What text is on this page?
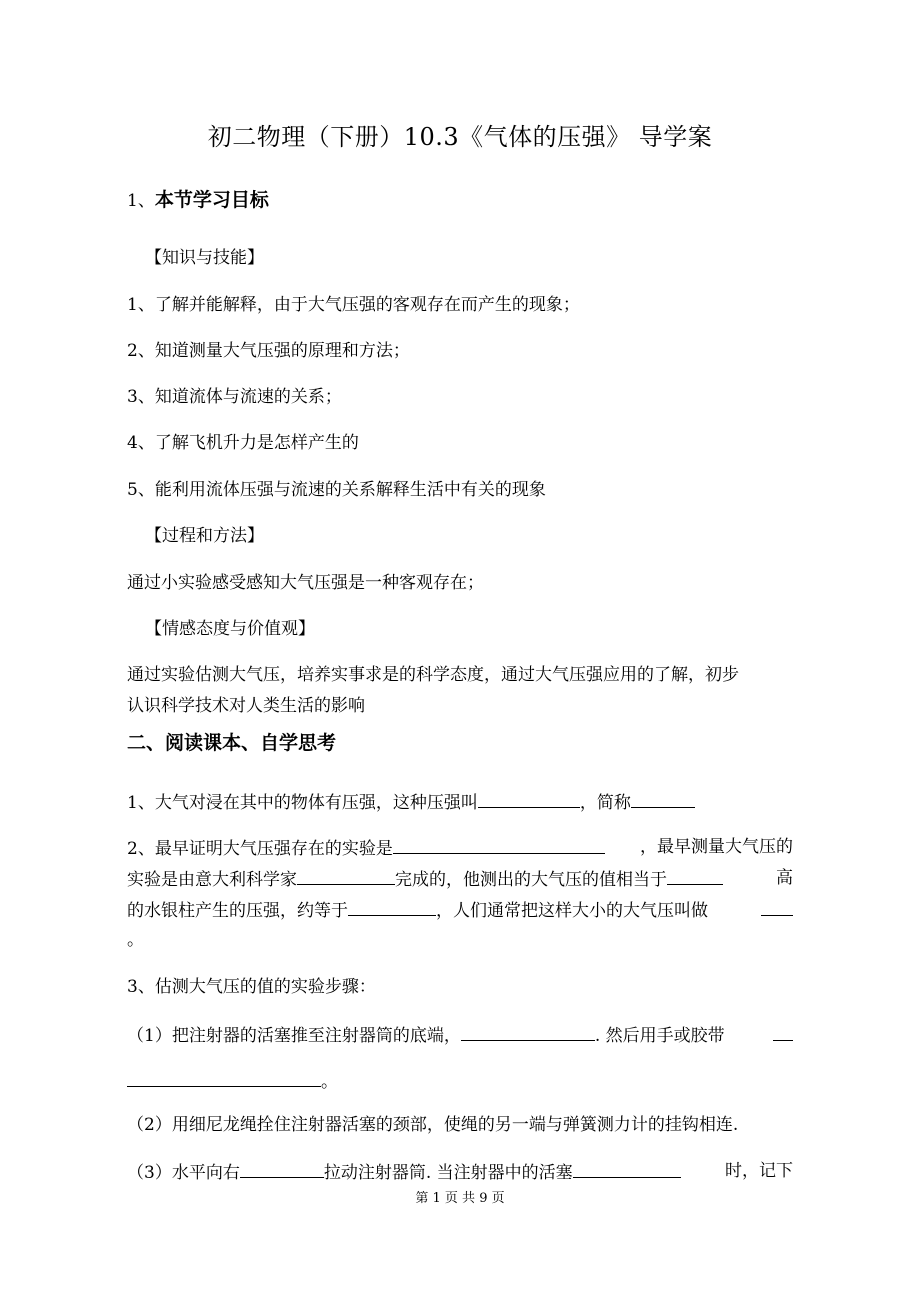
初二物理（下册）10.3《气体的压强》 导学案
1、本节学习目标
【知识与技能】
1、了解并能解释，由于大气压强的客观存在而产生的现象；
2、知道测量大气压强的原理和方法；
3、知道流体与流速的关系；
4、了解飞机升力是怎样产生的
5、能利用流体压强与流速的关系解释生活中有关的现象
【过程和方法】
通过小实验感受感知大气压强是一种客观存在；
【情感态度与价值观】
通过实验估测大气压，培养实事求是的科学态度，通过大气压强应用的了解，初步
认识科学技术对人类生活的影响
二、阅读课本、自学思考
1、大气对浸在其中的物体有压强，这种压强叫	，简称
2、最早证明大气压强存在的实验是	，最早测量大气压的
实验是由意大利科学家	完成的，他测出的大气压的值相当于	高
的水银柱产生的压强，约等于	，人们通常把这样大小的大气压叫做
。
3、估测大气压的值的实验步骤：
（1）把注射器的活塞推至注射器筒的底端，	. 然后用手或胶带
。
（2）用细尼龙绳拴住注射器活塞的颈部，使绳的另一端与弹簧测力计的挂钩相连.
（3）水平向右	拉动注射器筒. 当注射器中的活塞	时，记下
第 1 页 共 9 页
